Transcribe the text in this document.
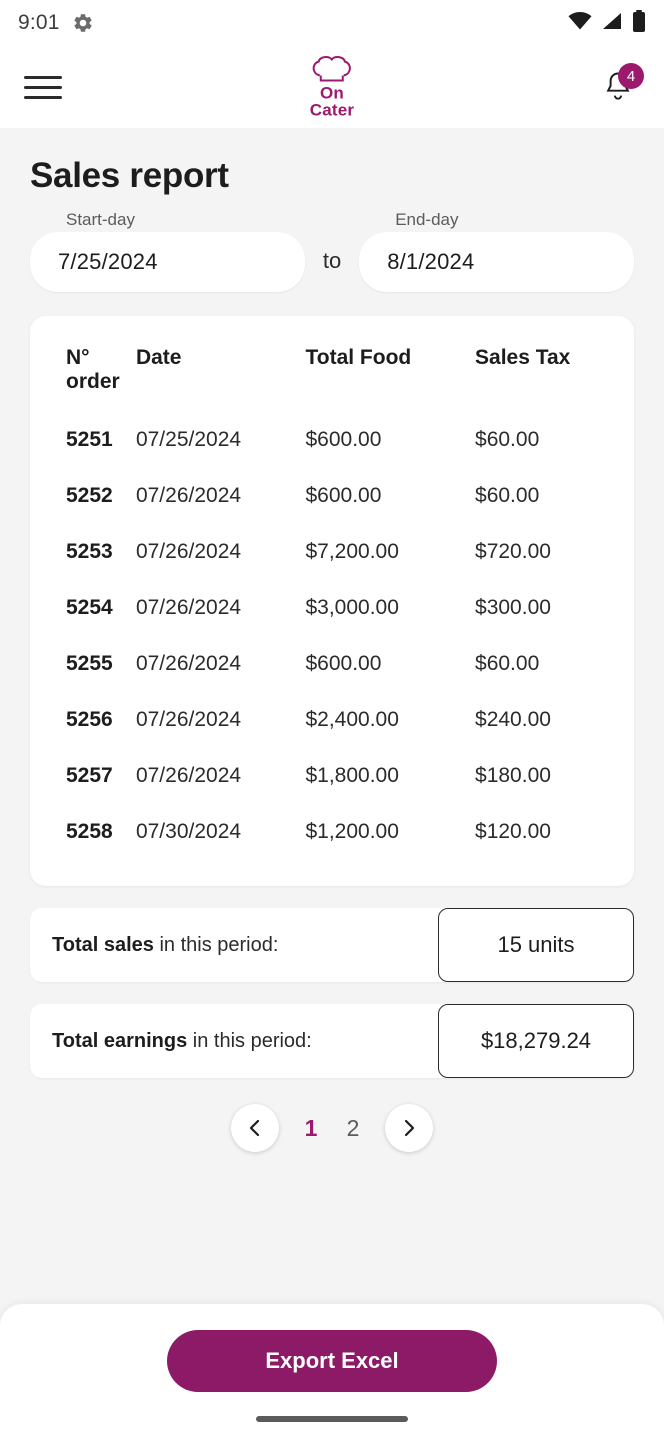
9:01
On
Cater
4
Sales report
Start-day
7/25/2024	to
End-day
8/1/2024
N°
order	Date	Total Food	Sales Tax
5251	07/25/2024	$600.00	$60.00
5252	07/26/2024	$600.00	$60.00
5253	07/26/2024	$7,200.00	$720.00
5254	07/26/2024	$3,000.00	$300.00
5255	07/26/2024	$600.00	$60.00
5256	07/26/2024	$2,400.00	$240.00
5257	07/26/2024	$1,800.00	$180.00
5258	07/30/2024	$1,200.00	$120.00
Total sales in this period:	15 units
Total earnings in this period:	$18,279.24
1 2
Export Excel
